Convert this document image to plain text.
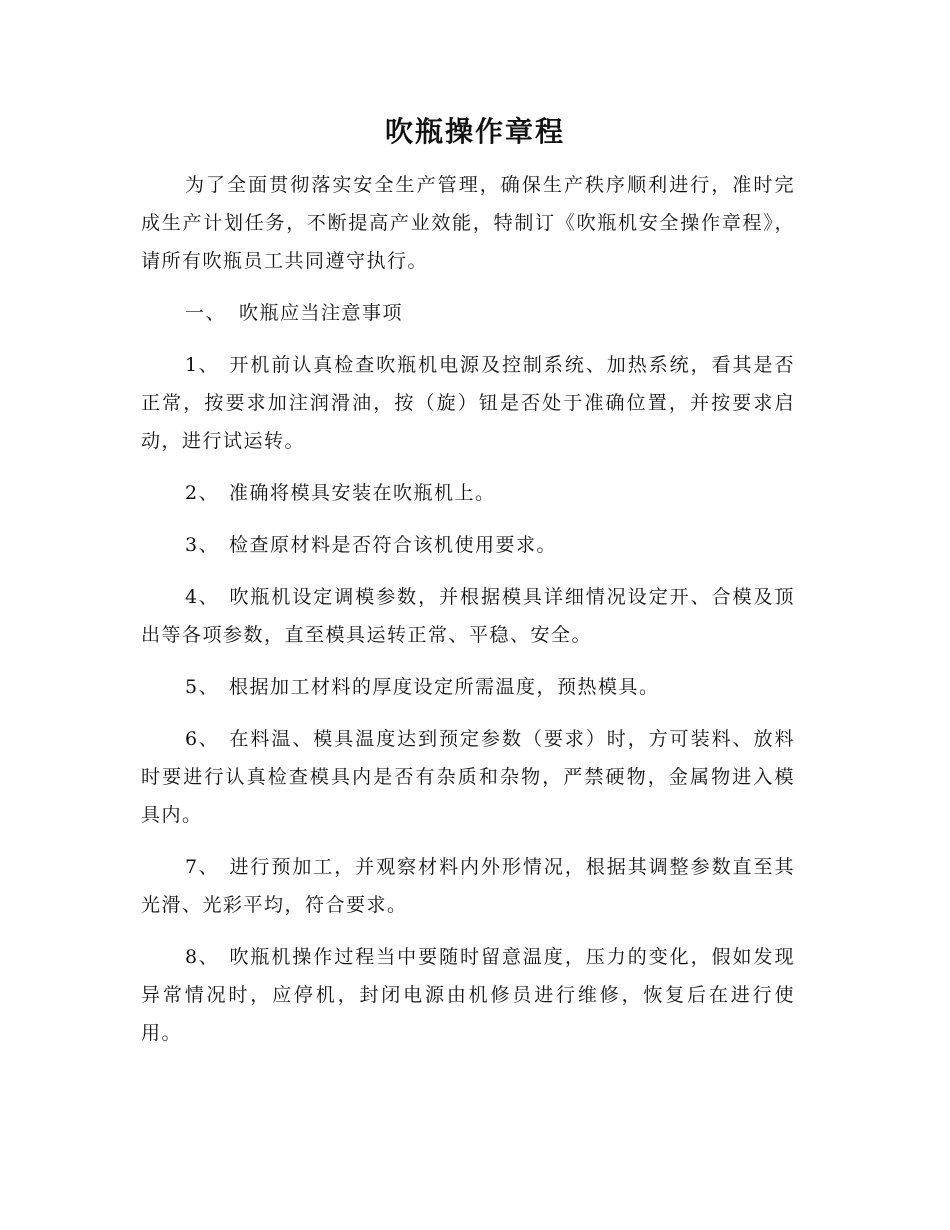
吹瓶操作章程

为了全面贯彻落实安全生产管理，确保生产秩序顺利进行，准时完成生产计划任务，不断提高产业效能，特制订《吹瓶机安全操作章程》，请所有吹瓶员工共同遵守执行。

一、 吹瓶应当注意事项

1、 开机前认真检查吹瓶机电源及控制系统、加热系统，看其是否正常，按要求加注润滑油，按（旋）钮是否处于准确位置，并按要求启动，进行试运转。

2、 准确将模具安装在吹瓶机上。

3、 检查原材料是否符合该机使用要求。

4、 吹瓶机设定调模参数，并根据模具详细情况设定开、合模及顶出等各项参数，直至模具运转正常、平稳、安全。

5、 根据加工材料的厚度设定所需温度，预热模具。

6、 在料温、模具温度达到预定参数（要求）时，方可装料、放料时要进行认真检查模具内是否有杂质和杂物，严禁硬物，金属物进入模具内。

7、 进行预加工，并观察材料内外形情况，根据其调整参数直至其光滑、光彩平均，符合要求。

8、 吹瓶机操作过程当中要随时留意温度，压力的变化，假如发现异常情况时，应停机，封闭电源由机修员进行维修，恢复后在进行使用。
